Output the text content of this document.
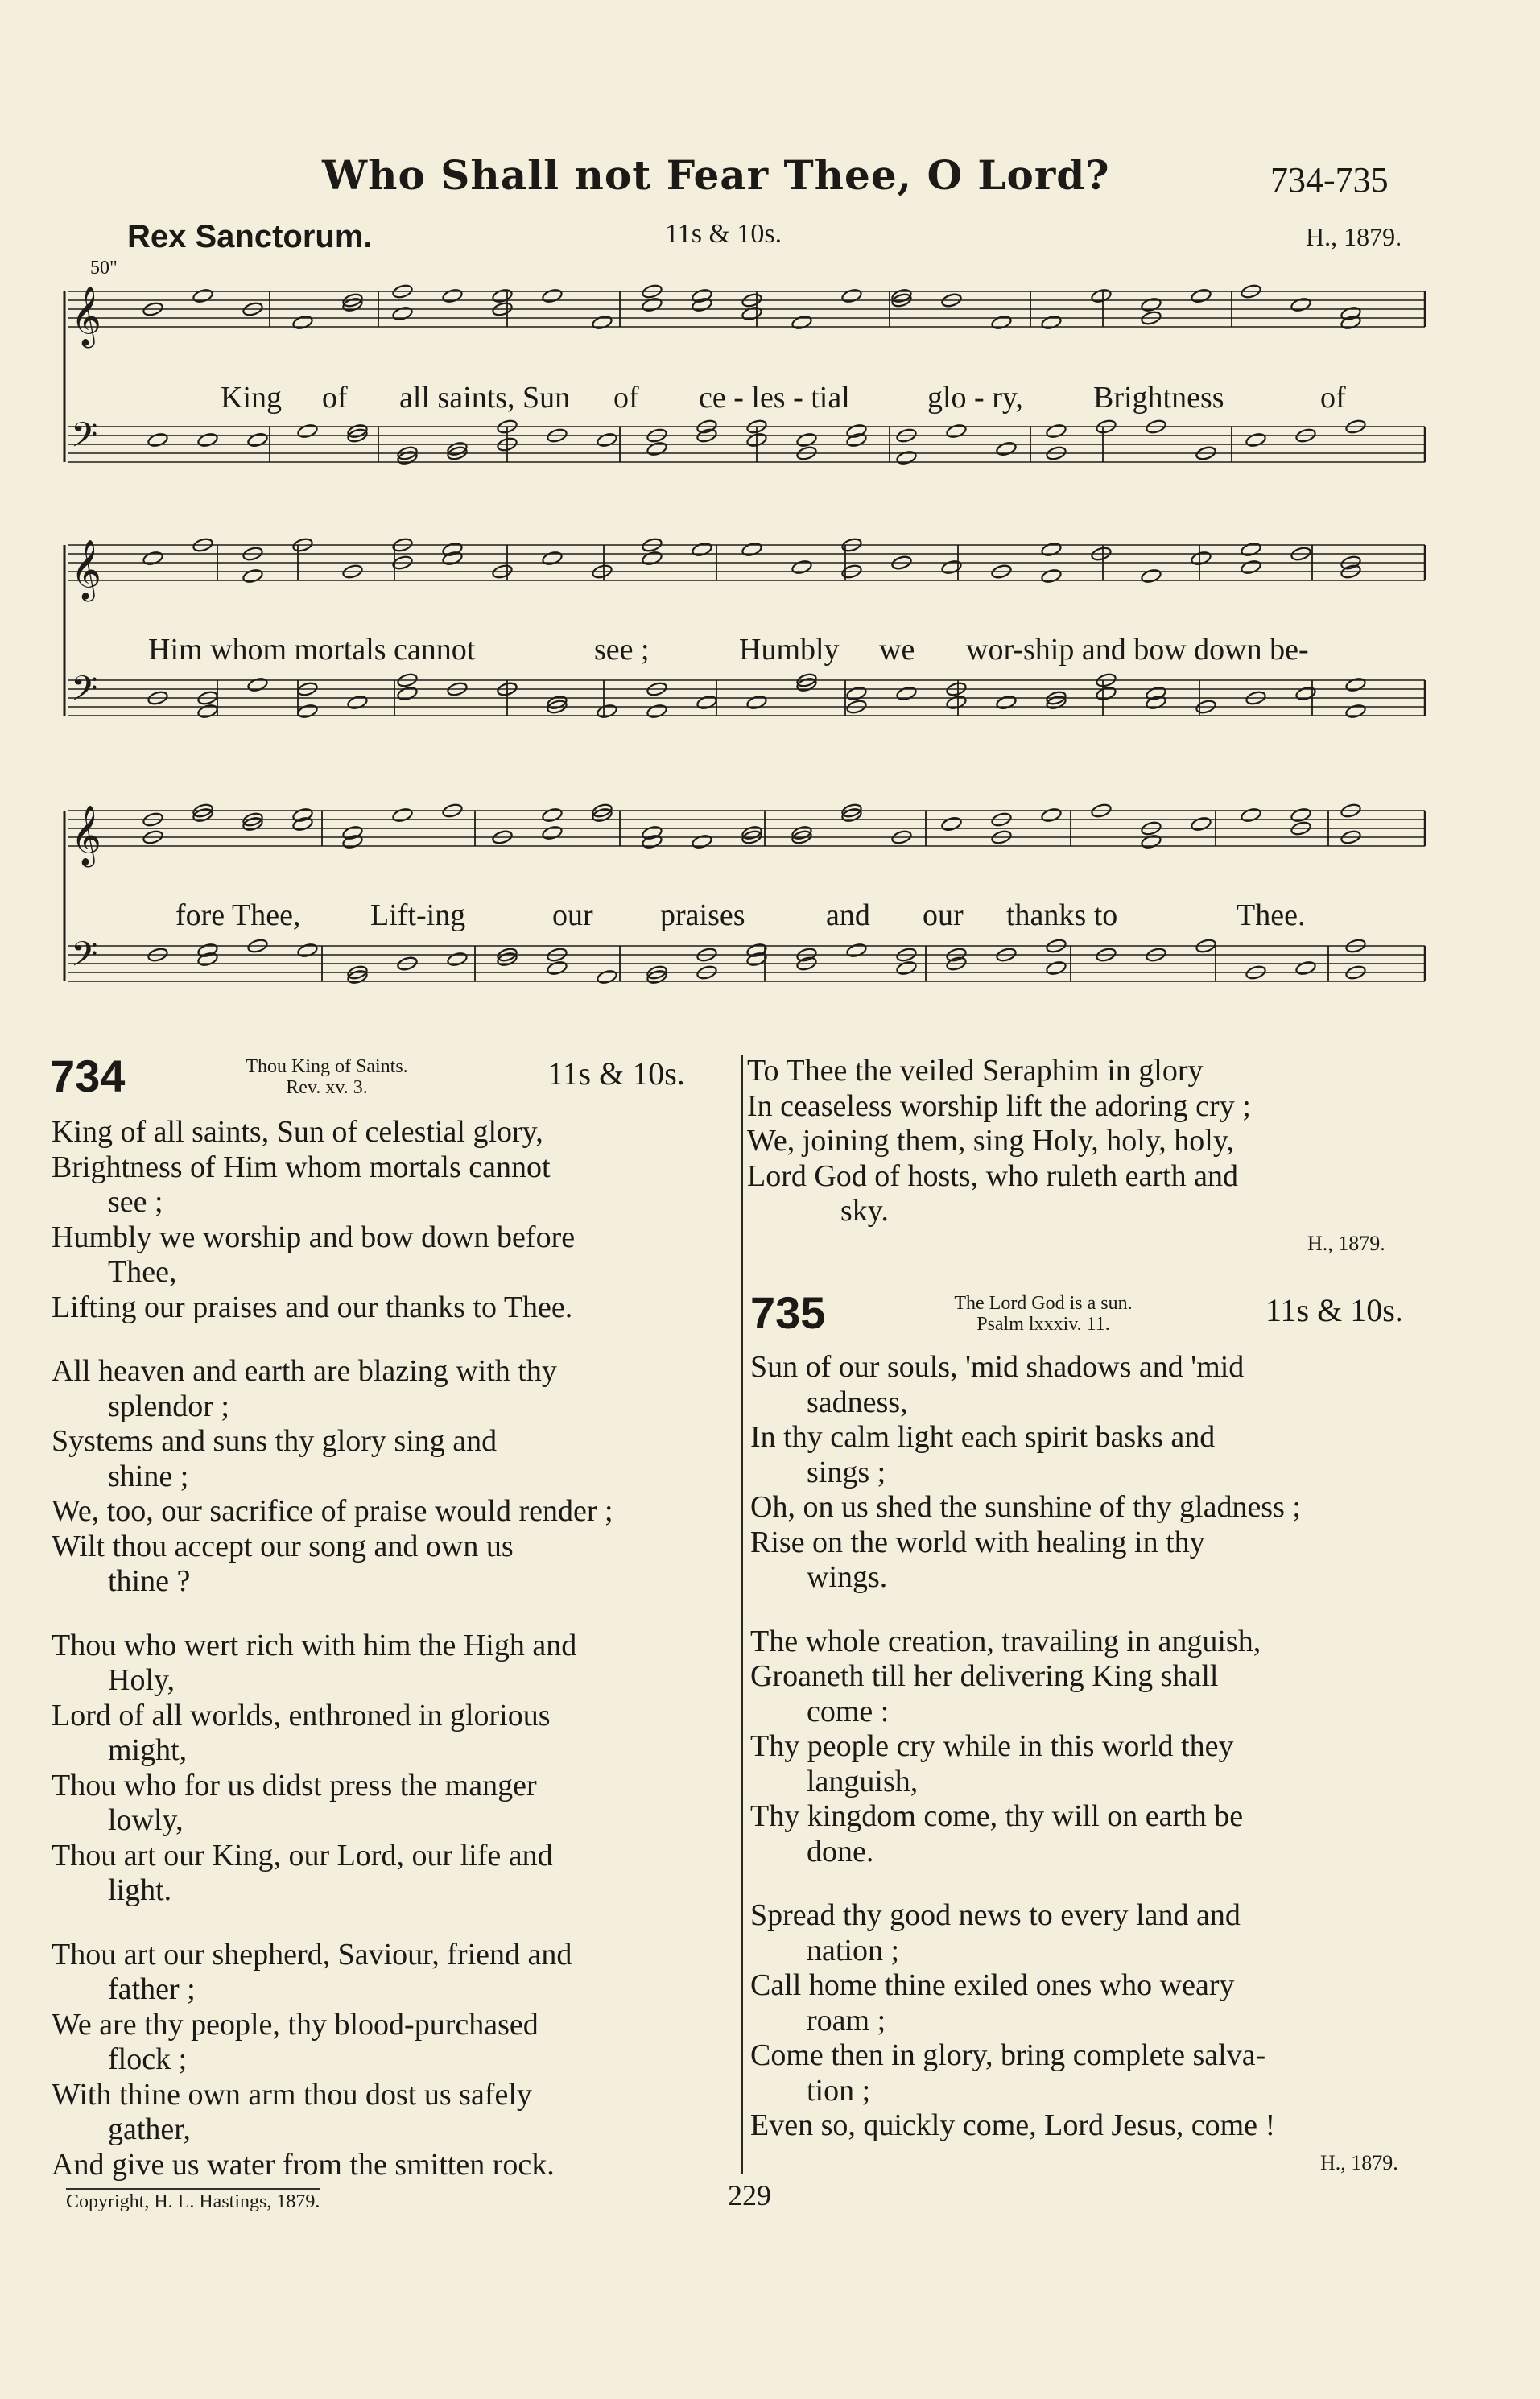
Who Shall not Fear Thee, O Lord?	734-735
Rex Sanctorum.	11s & 10s.	H., 1879.
50"
𝄞
𝄢
King of all saints, Sun of ce - les - tial	glo - ry, Brightness	of
𝄞
𝄢
Him whom mortals cannot	see ;	Humbly we wor-ship and bow down be-
𝄞
𝄢
fore Thee, Lift-ing	our praises	and our thanks to	Thee.
734	Thou King of Saints.
Rev. xv. 3.	11s & 10s.
King of all saints, Sun of celestial glory,
Brightness of Him whom mortals cannot
see ;
Humbly we worship and bow down before
Thee,
Lifting our praises and our thanks to Thee.
All heaven and earth are blazing with thy
splendor ;
Systems and suns thy glory sing and
shine ;
We, too, our sacrifice of praise would render ;
Wilt thou accept our song and own us
thine ?
Thou who wert rich with him the High and
Holy,
Lord of all worlds, enthroned in glorious
might,
Thou who for us didst press the manger
lowly,
Thou art our King, our Lord, our life and
light.
Thou art our shepherd, Saviour, friend and
father ;
We are thy people, thy blood-purchased
flock ;
With thine own arm thou dost us safely
gather,
And give us water from the smitten rock.
To Thee the veiled Seraphim in glory
In ceaseless worship lift the adoring cry ;
We, joining them, sing Holy, holy, holy,
Lord God of hosts, who ruleth earth and
sky.
H., 1879.
735	The Lord God is a sun.
Psalm lxxxiv. 11.	11s & 10s.
Sun of our souls, 'mid shadows and 'mid
sadness,
In thy calm light each spirit basks and
sings ;
Oh, on us shed the sunshine of thy gladness ;
Rise on the world with healing in thy
wings.
The whole creation, travailing in anguish,
Groaneth till her delivering King shall
come :
Thy people cry while in this world they
languish,
Thy kingdom come, thy will on earth be
done.
Spread thy good news to every land and
nation ;
Call home thine exiled ones who weary
roam ;
Come then in glory, bring complete salva-
tion ;
Even so, quickly come, Lord Jesus, come !
H., 1879.
Copyright, H. L. Hastings, 1879.	229
